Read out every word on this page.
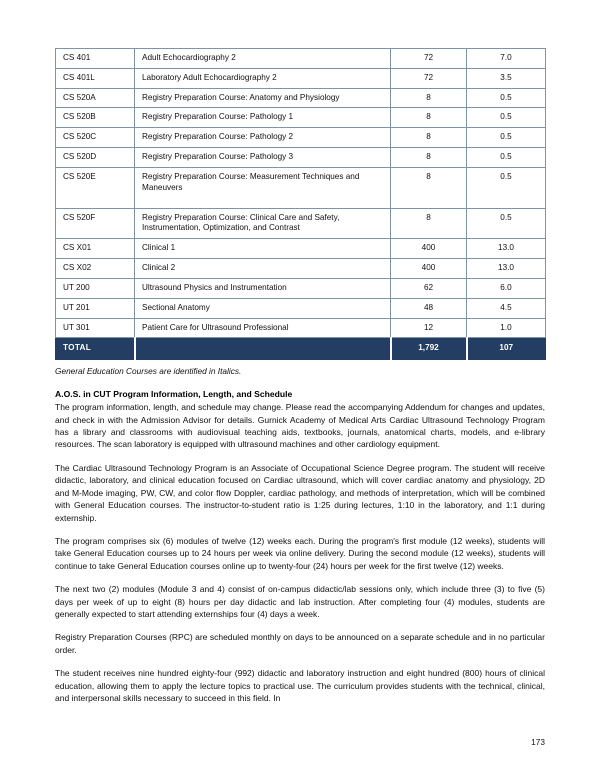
CS 401	Adult Echocardiography 2	72	7.0
CS 401L	Laboratory Adult Echocardiography 2	72	3.5
CS 520A	Registry Preparation Course: Anatomy and Physiology	8	0.5
CS 520B	Registry Preparation Course: Pathology 1	8	0.5
CS 520C	Registry Preparation Course: Pathology 2	8	0.5
CS 520D	Registry Preparation Course: Pathology 3	8	0.5
CS 520E	Registry Preparation Course: Measurement Techniques and Maneuvers	8	0.5
CS 520F	Registry Preparation Course: Clinical Care and Safety, Instrumentation, Optimization, and Contrast	8	0.5
CS X01	Clinical 1	400	13.0
CS X02	Clinical 2	400	13.0
UT 200	Ultrasound Physics and Instrumentation	62	6.0
UT 201	Sectional Anatomy	48	4.5
UT 301	Patient Care for Ultrasound Professional	12	1.0
TOTAL		1,792	107

General Education Courses are identified in Italics.

A.O.S. in CUT Program Information, Length, and Schedule

The program information, length, and schedule may change. Please read the accompanying Addendum for changes and updates, and check in with the Admission Advisor for details. Gurnick Academy of Medical Arts Cardiac Ultrasound Technology Program has a library and classrooms with audiovisual teaching aids, textbooks, journals, anatomical charts, models, and e-library resources. The scan laboratory is equipped with ultrasound machines and other cardiology equipment.

The Cardiac Ultrasound Technology Program is an Associate of Occupational Science Degree program. The student will receive didactic, laboratory, and clinical education focused on Cardiac ultrasound, which will cover cardiac anatomy and physiology, 2D and M-Mode imaging, PW, CW, and color flow Doppler, cardiac pathology, and methods of interpretation, which will be combined with General Education courses. The instructor-to-student ratio is 1:25 during lectures, 1:10 in the laboratory, and 1:1 during externship.

The program comprises six (6) modules of twelve (12) weeks each. During the program's first module (12 weeks), students will take General Education courses up to 24 hours per week via online delivery. During the second module (12 weeks), students will continue to take General Education courses online up to twenty-four (24) hours per week for the first twelve (12) weeks.

The next two (2) modules (Module 3 and 4) consist of on-campus didactic/lab sessions only, which include three (3) to five (5) days per week of up to eight (8) hours per day didactic and lab instruction. After completing four (4) modules, students are generally expected to start attending externships four (4) days a week.

Registry Preparation Courses (RPC) are scheduled monthly on days to be announced on a separate schedule and in no particular order.

The student receives nine hundred eighty-four (992) didactic and laboratory instruction and eight hundred (800) hours of clinical education, allowing them to apply the lecture topics to practical use. The curriculum provides students with the technical, clinical, and interpersonal skills necessary to succeed in this field. In

173
